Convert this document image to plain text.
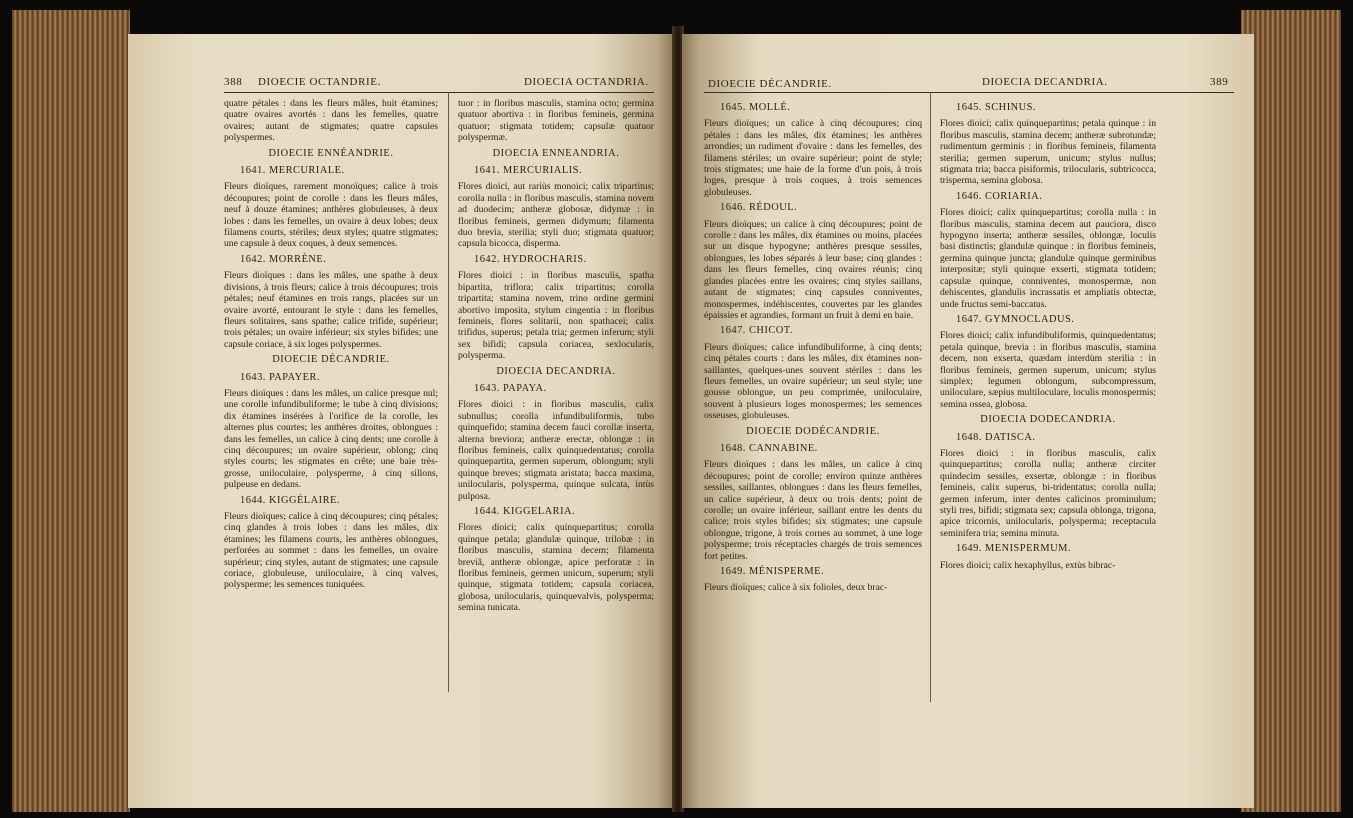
388 DIOECIE OCTANDRIE.	DIOECIA OCTANDRIA.

quatre pétales : dans les fleurs mâles, huit étamines; quatre ovaires avortés : dans les femelles, quatre ovaires; autant de stigmates; quatre capsules polyspermes.

DIOECIE ENNÉANDRIE.
1641. MERCURIALE.

Fleurs dioïques, rarement monoïques; calice à trois découpures; point de corolle : dans les fleurs mâles, neuf à douze étamines; anthères globuleuses, à deux lobes : dans les femelles, un ovaire à deux lobes; deux filamens courts, stériles; deux styles; quatre stigmates; une capsule à deux coques, à deux semences.

1642. MORRÈNE.

Fleurs dioïques : dans les mâles, une spathe à deux divisions, à trois fleurs; calice à trois découpures; trois pétales; neuf étamines en trois rangs, placées sur un ovaire avorté, entourant le style : dans les femelles, fleurs solitaires, sans spathe; calice trifide, supérieur; trois pétales; un ovaire inférieur; six styles bifides; une capsule coriace, à six loges polyspermes.

DIOECIE DÉCANDRIE.
1643. PAPAYER.

Fleurs dioïques : dans les mâles, un calice presque nul; une corolle infundibuliforme; le tube à cinq divisions; dix étamines insérées à l'orifice de la corolle, les alternes plus courtes; les anthères droites, oblongues : dans les femelles, un calice à cinq dents; une corolle à cinq découpures; un ovaire supérieur, oblong; cinq styles courts; les stigmates en crête; une baie très-grosse, uniloculaire, polysperme, à cinq sillons, pulpeuse en dedans.

1644. KIGGÉLAIRE.

Fleurs dioïques; calice à cinq découpures; cinq pétales; cinq glandes à trois lobes : dans les mâles, dix étamines; les filamens courts, les anthères oblongues, perforées au sommet : dans les femelles, un ovaire supérieur; cinq styles, autant de stigmates; une capsule coriace, globuleuse, uniloculaire, à cinq valves, polysperme; les semences tuniquées.

tuor : in floribus masculis, stamina octo; germina quatuor abortiva : in floribus femineis, germina quatuor; stigmata totidem; capsulæ quatuor polyspermæ.

DIOECIA ENNEANDRIA.
1641. MERCURIALIS.

Flores dioici, aut rariùs monoici; calix tripartitus; corolla nulla : in floribus masculis, stamina novem ad duodecim; antheræ globosæ, didymæ : in floribus femineis, germen didymum; filamenta duo brevia, sterilia; styli duo; stigmata quatuor; capsula bicocca, disperma.

1642. HYDROCHARIS.

Flores dioici : in floribus masculis, spatha bipartita, triflora; calix tripartitus; corolla tripartita; stamina novem, trino ordine germini abortivo imposita, stylum cingentia : in floribus femineis, flores solitarii, non spathacei; calix trifidus, superus; petala tria; germen inferum; styli sex bifidi; capsula coriacea, sexlocularis, polysperma.

DIOECIA DECANDRIA.
1643. PAPAYA.

Flores dioici : in floribus masculis, calix subnullus; corolla infundibuliformis, tubo quinquefido; stamina decem fauci corollæ inserta, alterna breviora; antheræ erectæ, oblongæ : in floribus femineis, calix quinquedentatus; corolla quinquepartita, germen superum, oblongum; styli quinque breves; stigmata aristata; bacca maxima, unilocularis, polysperma, quinque sulcata, intùs pulposa.

1644. KIGGELARIA.

Flores dioici; calix quinquepartitus; corolla quinque petala; glandulæ quinque, trilobæ : in floribus masculis, stamina decem; filamenta breviâ, antheræ oblongæ, apice perforatæ : in floribus femineis, germen unicum, superum; styli quinque, stigmata totidem; capsula coriacea, globosa, unilocularis, quinquevalvis, polysperma; semina tunicata.

DIOECIE DÉCANDRIE.	DIOECIA DECANDRIA.	389
1645. MOLLÉ.

Fleurs dioïques; un calice à cinq découpures; cinq pétales : dans les mâles, dix étamines; les anthères arrondies; un rudiment d'ovaire : dans les femelles, des filamens stériles; un ovaire supérieur; point de style; trois stigmates; une baie de la forme d'un pois, à trois loges, presque à trois coques, à trois semences globuleuses.

1646. RÉDOUL.

Fleurs dioïques; un calice à cinq découpures; point de corolle : dans les mâles, dix étamines ou moins, placées sur un disque hypogyne; anthères presque sessiles, oblongues, les lobes séparés à leur base; cinq glandes : dans les fleurs femelles, cinq ovaires réunis; cinq glandes placées entre les ovaires; cinq styles saillans, autant de stigmates; cinq capsules conniventes, monospermes, indéhiscentes, couvertes par les glandes épaissies et agrandies, formant un fruit à demi en baie.

1647. CHICOT.

Fleurs dioïques; calice infundibuliforme, à cinq dents; cinq pétales courts : dans les mâles, dix étamines non-saillantes, quelques-unes souvent stériles : dans les fleurs femelles, un ovaire supérieur; un seul style; une gousse oblongue, un peu comprimée, uniloculaire, souvent à plusieurs loges monospermes; les semences osseuses, globuleuses.

DIOECIE DODÉCANDRIE.
1648. CANNABINE.

Fleurs dioïques : dans les mâles, un calice à cinq découpures; point de corolle; environ quinze anthères sessiles, saillantes, oblongues : dans les fleurs femelles, un calice supérieur, à deux ou trois dents; point de corolle; un ovaire inférieur, saillant entre les dents du calice; trois styles bifides; six stigmates; une capsule oblongue, trigone, à trois cornes au sommet, à une loge polysperme; trois réceptacles chargés de trois semences fort petites.

1649. MÉNISPERME.

Fleurs dioïques; calice à six folioles, deux brac-

1645. SCHINUS.

Flores dioici; calix quinquepartitus; petala quinque : in floribus masculis, stamina decem; antheræ subrotundæ; rudimentum germinis : in floribus femineis, filamenta sterilia; germen superum, unicum; stylus nullus; stigmata tria; bacca pisiformis, trilocularis, subtricocca, trisperma, semina globosa.

1646. CORIARIA.

Flores dioici; calix quinquepartitus; corolla nulla : in floribus masculis, stamina decem aut pauciora, disco hypogyno inserta; antheræ sessiles, oblongæ, loculis basi distinctis; glandulæ quinque : in floribus femineis, germina quinque juncta; glandulæ quinque germinibus interpositæ; styli quinque exserti, stigmata totidem; capsulæ quinque, conniventes, monospermæ, non dehiscentes, glandulis incrassatis et ampliatis obtectæ, unde fructus semi-baccatus.

1647. GYMNOCLADUS.

Flores dioici; calix infundibuliformis, quinquedentatus; petala quinque, brevia : in floribus masculis, stamina decem, non exserta, quædam interdùm sterilia : in floribus femineis, germen superum, unicum; stylus simplex; legumen oblongum, subcompressum, uniloculare, sæpius multiloculare, loculis monospermis; semina ossea, globosa.

DIOECIA DODECANDRIA.
1648. DATISCA.

Flores dioici : in floribus masculis, calix quinquepartitus; corolla nulla; antheræ circiter quindecim sessiles, exsertæ, oblongæ : in floribus femineis, calix superus, bi-tridentatus; corolla nulla; germen inferum, inter dentes calicinos prominulum; styli tres, bifidi; stigmata sex; capsula oblonga, trigona, apice tricornis, unilocularis, polysperma; receptacula seminifera tria; semina minuta.

1649. MENISPERMUM.

Flores dioici; calix hexaphyllus, extùs bibrac-
